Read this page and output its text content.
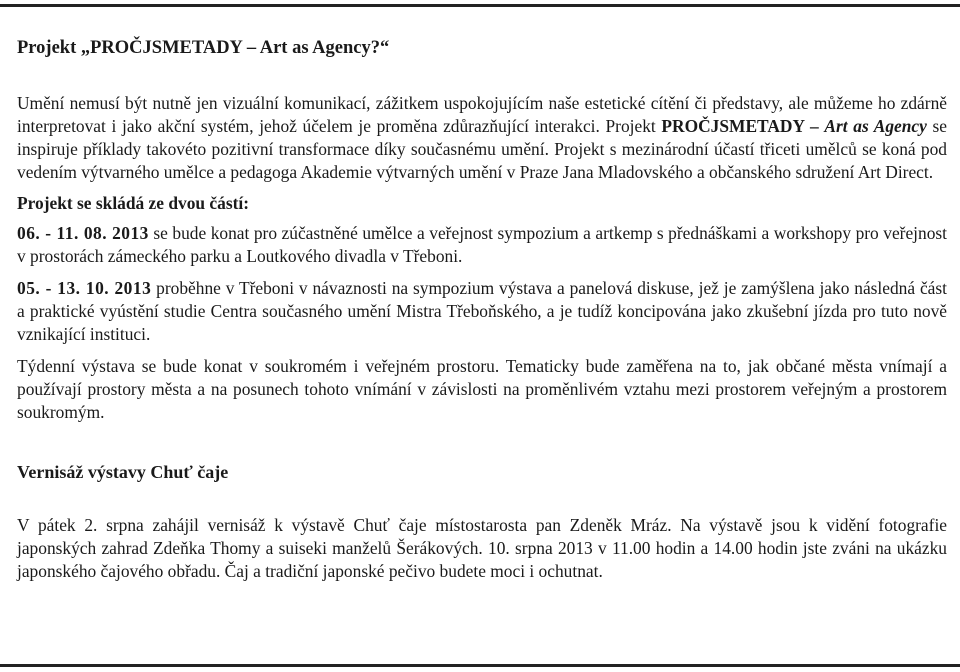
Projekt „PROČJSMETADY – Art as Agency?“

Umění nemusí být nutně jen vizuální komunikací, zážitkem uspokojujícím naše estetické cítění či představy, ale můžeme ho zdárně interpretovat i jako akční systém, jehož účelem je proměna zdůrazňující interakci. Projekt PROČJSMETADY – Art as Agency se inspiruje příklady takovéto pozitivní transformace díky současnému umění. Projekt s mezinárodní účastí třiceti umělců se koná pod vedením výtvarného umělce a pedagoga Akademie výtvarných umění v Praze Jana Mladovského a občanského sdružení Art Direct.

Projekt se skládá ze dvou částí:

06. - 11. 08. 2013 se bude konat pro zúčastněné umělce a veřejnost sympozium a artkemp s přednáškami a workshopy pro veřejnost v prostorách zámeckého parku a Loutkového divadla v Třeboni.

05. - 13. 10. 2013 proběhne v Třeboni v návaznosti na sympozium výstava a panelová diskuse, jež je zamýšlena jako následná část a praktické vyústění studie Centra současného umění Mistra Třeboňského, a je tudíž koncipována jako zkušební jízda pro tuto nově vznikající instituci.

Týdenní výstava se bude konat v soukromém i veřejném prostoru. Tematicky bude zaměřena na to, jak občané města vnímají a používají prostory města a na posunech tohoto vnímání v závislosti na proměnlivém vztahu mezi prostorem veřejným a prostorem soukromým.

Vernisáž výstavy Chuť čaje

V pátek 2. srpna zahájil vernisáž k výstavě Chuť čaje místostarosta pan Zdeněk Mráz. Na výstavě jsou k vidění fotografie japonských zahrad Zdeňka Thomy a suiseki manželů Šerákových. 10. srpna 2013 v 11.00 hodin a 14.00 hodin jste zváni na ukázku japonského čajového obřadu. Čaj a tradiční japonské pečivo budete moci i ochutnat.
